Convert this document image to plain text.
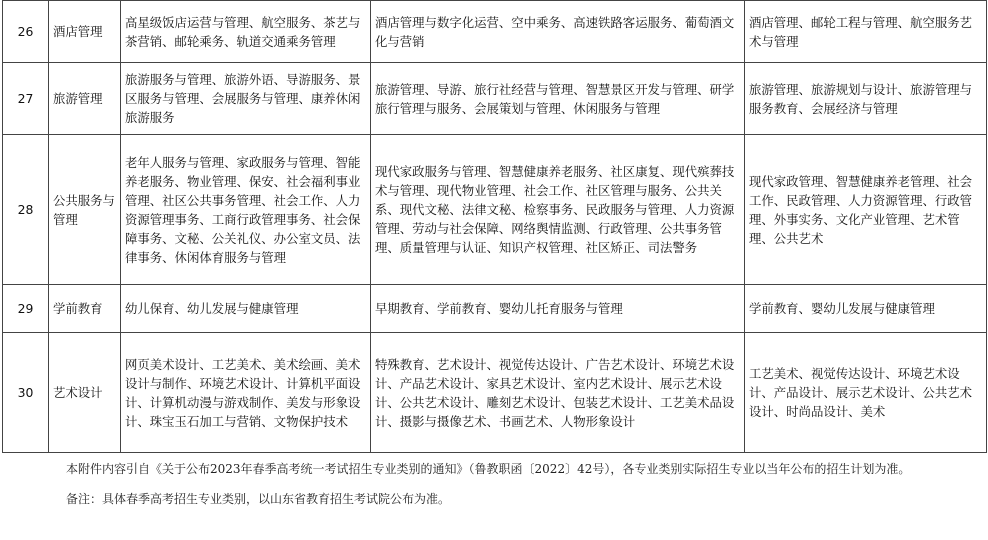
26	酒店管理	高星级饭店运营与管理、航空服务、茶艺与茶营销、邮轮乘务、轨道交通乘务管理	酒店管理与数字化运营、空中乘务、高速铁路客运服务、葡萄酒文化与营销	酒店管理、邮轮工程与管理、航空服务艺术与管理
27	旅游管理	旅游服务与管理、旅游外语、导游服务、景区服务与管理、会展服务与管理、康养休闲旅游服务	旅游管理、导游、旅行社经营与管理、智慧景区开发与管理、研学旅行管理与服务、会展策划与管理、休闲服务与管理	旅游管理、旅游规划与设计、旅游管理与服务教育、会展经济与管理
28	公共服务与管理	老年人服务与管理、家政服务与管理、智能养老服务、物业管理、保安、社会福利事业管理、社区公共事务管理、社会工作、人力资源管理事务、工商行政管理事务、社会保障事务、文秘、公关礼仪、办公室文员、法律事务、休闲体育服务与管理	现代家政服务与管理、智慧健康养老服务、社区康复、现代殡葬技术与管理、现代物业管理、社会工作、社区管理与服务、公共关系、现代文秘、法律文秘、检察事务、民政服务与管理、人力资源管理、劳动与社会保障、网络舆情监测、行政管理、公共事务管理、质量管理与认证、知识产权管理、社区矫正、司法警务	现代家政管理、智慧健康养老管理、社会工作、民政管理、人力资源管理、行政管理、外事实务、文化产业管理、艺术管理、公共艺术
29	学前教育	幼儿保育、幼儿发展与健康管理	早期教育、学前教育、婴幼儿托育服务与管理	学前教育、婴幼儿发展与健康管理
30	艺术设计	网页美术设计、工艺美术、美术绘画、美术设计与制作、环境艺术设计、计算机平面设计、计算机动漫与游戏制作、美发与形象设计、珠宝玉石加工与营销、文物保护技术	特殊教育、艺术设计、视觉传达设计、广告艺术设计、环境艺术设计、产品艺术设计、家具艺术设计、室内艺术设计、展示艺术设计、公共艺术设计、雕刻艺术设计、包装艺术设计、工艺美术品设计、摄影与摄像艺术、书画艺术、人物形象设计	工艺美术、视觉传达设计、环境艺术设计、产品设计、展示艺术设计、公共艺术设计、时尚品设计、美术

本附件内容引自《关于公布2023年春季高考统一考试招生专业类别的通知》（鲁教职函〔2022〕42号），各专业类别实际招生专业以当年公布的招生计划为准。

备注：具体春季高考招生专业类别，以山东省教育招生考试院公布为准。
